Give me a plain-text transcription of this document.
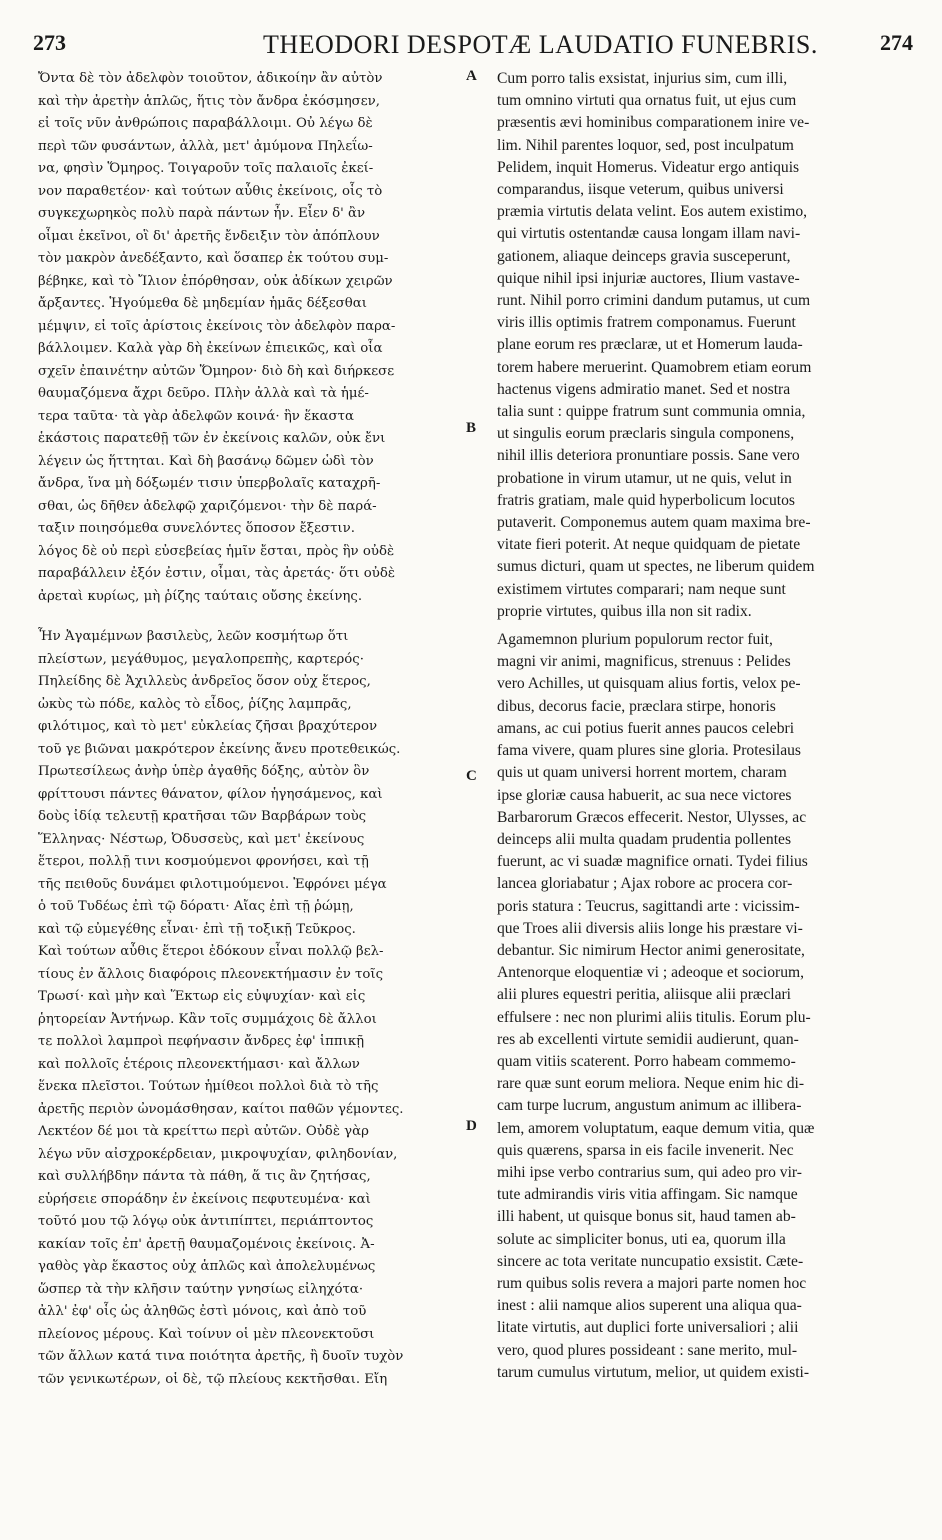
273	THEODORI DESPOTÆ LAUDATIO FUNEBRIS.	274
A
B
C
D
Ὄντα δὲ τὸν ἀδελφὸν τοιοῦτον, ἀδικοίην ἂν αὐτὸν
καὶ τὴν ἀρετὴν ἁπλῶς, ἥτις τὸν ἄνδρα ἐκόσμησεν,
εἰ τοῖς νῦν ἀνθρώποις παραβάλλοιμι. Οὐ λέγω δὲ
περὶ τῶν φυσάντων, ἀλλὰ, μετ' ἀμύμονα Πηλεΐω-
να, φησὶν Ὅμηρος. Τοιγαροῦν τοῖς παλαιοῖς ἐκεί-
νον παραθετέον· καὶ τούτων αὖθις ἐκείνοις, οἷς τὸ
συγκεχωρηκὸς πολὺ παρὰ πάντων ἦν. Εἶεν δ' ἂν
οἶμαι ἐκεῖνοι, οἳ δι' ἀρετῆς ἔνδειξιν τὸν ἀπόπλουν
τὸν μακρὸν ἀνεδέξαντο, καὶ ὅσαπερ ἐκ τούτου συμ-
βέβηκε, καὶ τὸ Ἴλιον ἐπόρθησαν, οὐκ ἀδίκων χειρῶν
ἄρξαντες. Ἡγούμεθα δὲ μηδεμίαν ἡμᾶς δέξεσθαι
μέμψιν, εἰ τοῖς ἀρίστοις ἐκείνοις τὸν ἀδελφὸν παρα-
βάλλοιμεν. Καλὰ γὰρ δὴ ἐκείνων ἐπιεικῶς, καὶ οἷα
σχεῖν ἐπαινέτην αὐτῶν Ὅμηρον· διὸ δὴ καὶ διήρκεσε
θαυμαζόμενα ἄχρι δεῦρο. Πλὴν ἀλλὰ καὶ τὰ ἡμέ-
τερα ταῦτα· τὰ γὰρ ἀδελφῶν κοινά· ἣν ἕκαστα
ἑκάστοις παρατεθῇ τῶν ἐν ἐκείνοις καλῶν, οὐκ ἔνι
λέγειν ὡς ἥττηται. Καὶ δὴ βασάνῳ δῶμεν ὡδὶ τὸν
ἄνδρα, ἵνα μὴ δόξωμέν τισιν ὑπερβολαῖς καταχρῆ-
σθαι, ὡς δῆθεν ἀδελφῷ χαριζόμενοι· τὴν δὲ παρά-
ταξιν ποιησόμεθα συνελόντες ὅποσον ἔξεστιν.
λόγος δὲ οὐ περὶ εὐσεβείας ἡμῖν ἔσται, πρὸς ἣν οὐδὲ
παραβάλλειν ἐξόν ἐστιν, οἶμαι, τὰς ἀρετάς· ὅτι οὐδὲ
ἀρεταὶ κυρίως, μὴ ῥίζης ταύταις οὔσης ἐκείνης.
Ἦν Ἀγαμέμνων βασιλεὺς, λεῶν κοσμήτωρ ὅτι
πλείστων, μεγάθυμος, μεγαλοπρεπὴς, καρτερός·
Πηλείδης δὲ Ἀχιλλεὺς ἀνδρεῖος ὅσον οὐχ ἕτερος,
ὠκὺς τὼ πόδε, καλὸς τὸ εἶδος, ῥίζης λαμπρᾶς,
φιλότιμος, καὶ τὸ μετ' εὐκλείας ζῆσαι βραχύτερον
τοῦ γε βιῶναι μακρότερον ἐκείνης ἄνευ προτεθεικώς.
Πρωτεσίλεως ἀνὴρ ὑπὲρ ἀγαθῆς δόξης, αὐτὸν ὃν
φρίττουσι πάντες θάνατον, φίλον ἡγησάμενος, καὶ
δοὺς ἰδίᾳ τελευτῇ κρατῆσαι τῶν Βαρβάρων τοὺς
Ἕλληνας· Νέστωρ, Ὀδυσσεὺς, καὶ μετ' ἐκείνους
ἕτεροι, πολλῇ τινι κοσμούμενοι φρονήσει, καὶ τῇ
τῆς πειθοῦς δυνάμει φιλοτιμούμενοι. Ἐφρόνει μέγα
ὁ τοῦ Τυδέως ἐπὶ τῷ δόρατι· Αἴας ἐπὶ τῇ ῥώμῃ,
καὶ τῷ εὐμεγέθης εἶναι· ἐπὶ τῇ τοξικῇ Τεῦκρος.
Καὶ τούτων αὖθις ἕτεροι ἐδόκουν εἶναι πολλῷ βελ-
τίους ἐν ἄλλοις διαφόροις πλεονεκτήμασιν ἐν τοῖς
Τρωσί· καὶ μὴν καὶ Ἕκτωρ εἰς εὐψυχίαν· καὶ εἰς
ῥητορείαν Ἀντήνωρ. Κἂν τοῖς συμμάχοις δὲ ἄλλοι
τε πολλοὶ λαμπροὶ πεφήνασιν ἄνδρες ἐφ' ἱππικῇ
καὶ πολλοῖς ἑτέροις πλεονεκτήμασι· καὶ ἄλλων
ἕνεκα πλεῖστοι. Τούτων ἡμίθεοι πολλοὶ διὰ τὸ τῆς
ἀρετῆς περιὸν ὠνομάσθησαν, καίτοι παθῶν γέμοντες.
Λεκτέον δέ μοι τὰ κρείττω περὶ αὐτῶν. Οὐδὲ γὰρ
λέγω νῦν αἰσχροκέρδειαν, μικροψυχίαν, φιληδονίαν,
καὶ συλλήβδην πάντα τὰ πάθη, ἅ τις ἂν ζητήσας,
εὑρήσειε σποράδην ἐν ἐκείνοις πεφυτευμένα· καὶ
τοῦτό μου τῷ λόγῳ οὐκ ἀντιπίπτει, περιάπτοντος
κακίαν τοῖς ἐπ' ἀρετῇ θαυμαζομένοις ἐκείνοις. Ἀ-
γαθὸς γὰρ ἕκαστος οὐχ ἁπλῶς καὶ ἀπολελυμένως
ὥσπερ τὰ τὴν κλῆσιν ταύτην γνησίως εἰληχότα·
ἀλλ' ἐφ' οἷς ὡς ἀληθῶς ἐστὶ μόνοις, καὶ ἀπὸ τοῦ
πλείονος μέρους. Καὶ τοίνυν οἱ μὲν πλεονεκτοῦσι
τῶν ἄλλων κατά τινα ποιότητα ἀρετῆς, ἢ δυοῖν τυχὸν
τῶν γενικωτέρων, οἱ δὲ, τῷ πλείους κεκτῆσθαι. Εἴη
Cum porro talis exsistat, injurius sim, cum illi,
tum omnino virtuti qua ornatus fuit, ut ejus cum
præsentis ævi hominibus comparationem inire ve-
lim. Nihil parentes loquor, sed, post inculpatum
Pelidem, inquit Homerus. Videatur ergo antiquis
comparandus, iisque veterum, quibus universi
præmia virtutis delata velint. Eos autem existimo,
qui virtutis ostentandæ causa longam illam navi-
gationem, aliaque deinceps gravia susceperunt,
quique nihil ipsi injuriæ auctores, Ilium vastave-
runt. Nihil porro crimini dandum putamus, ut cum
viris illis optimis fratrem componamus. Fuerunt
plane eorum res præclaræ, ut et Homerum lauda-
torem habere meruerint. Quamobrem etiam eorum
hactenus vigens admiratio manet. Sed et nostra
talia sunt : quippe fratrum sunt communia omnia,
ut singulis eorum præclaris singula componens,
nihil illis deteriora pronuntiare possis. Sane vero
probatione in virum utamur, ut ne quis, velut in
fratris gratiam, male quid hyperbolicum locutos
putaverit. Componemus autem quam maxima bre-
vitate fieri poterit. At neque quidquam de pietate
sumus dicturi, quam ut spectes, ne liberum quidem
existimem virtutes comparari; nam neque sunt
proprie virtutes, quibus illa non sit radix.
Agamemnon plurium populorum rector fuit,
magni vir animi, magnificus, strenuus : Pelides
vero Achilles, ut quisquam alius fortis, velox pe-
dibus, decorus facie, præclara stirpe, honoris
amans, ac cui potius fuerit annes paucos celebri
fama vivere, quam plures sine gloria. Protesilaus
quis ut quam universi horrent mortem, charam
ipse gloriæ causa habuerit, ac sua nece victores
Barbarorum Græcos effecerit. Nestor, Ulysses, ac
deinceps alii multa quadam prudentia pollentes
fuerunt, ac vi suadæ magnifice ornati. Tydei filius
lancea gloriabatur ; Ajax robore ac procera cor-
poris statura : Teucrus, sagittandi arte : vicissim-
que Troes alii diversis aliis longe his præstare vi-
debantur. Sic nimirum Hector animi generositate,
Antenorque eloquentiæ vi ; adeoque et sociorum,
alii plures equestri peritia, aliisque alii præclari
effulsere : nec non plurimi aliis titulis. Eorum plu-
res ab excellenti virtute semidii audierunt, quan-
quam vitiis scaterent. Porro habeam commemo-
rare quæ sunt eorum meliora. Neque enim hic di-
cam turpe lucrum, angustum animum ac illibera-
lem, amorem voluptatum, eaque demum vitia, quæ
quis quærens, sparsa in eis facile invenerit. Nec
mihi ipse verbo contrarius sum, qui adeo pro vir-
tute admirandis viris vitia affingam. Sic namque
illi habent, ut quisque bonus sit, haud tamen ab-
solute ac simpliciter bonus, uti ea, quorum illa
sincere ac tota veritate nuncupatio exsistit. Cæte-
rum quibus solis revera a majori parte nomen hoc
inest : alii namque alios superent una aliqua qua-
litate virtutis, aut duplici forte universaliori ; alii
vero, quod plures possideant : sane merito, mul-
tarum cumulus virtutum, melior, ut quidem existi-
